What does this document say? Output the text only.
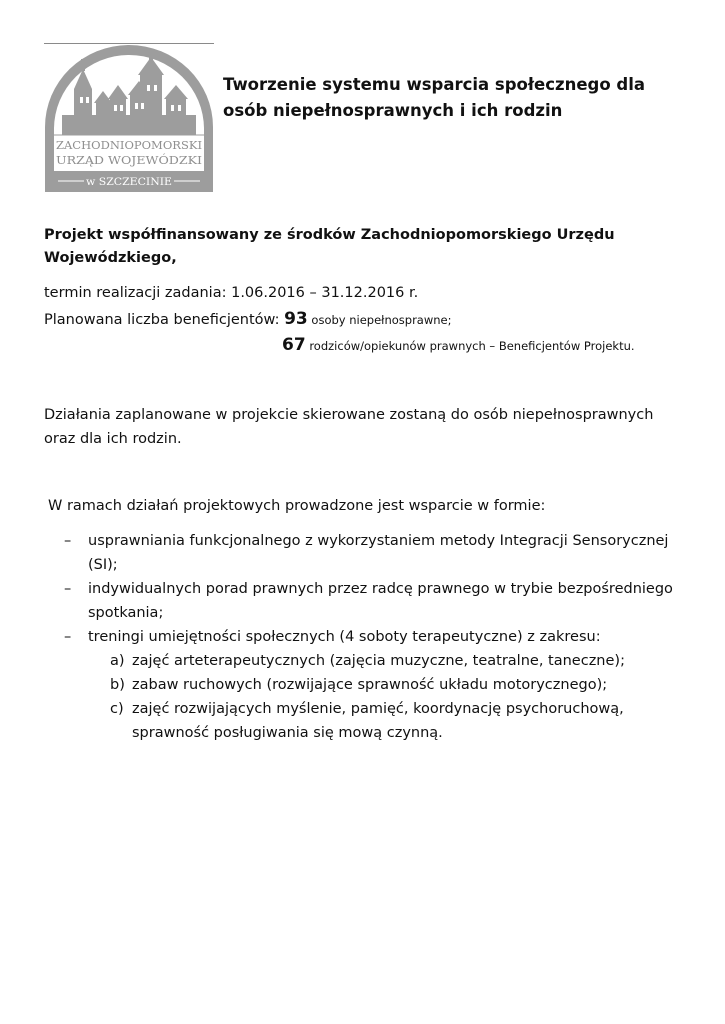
ZACHODNIOPOMORSKI
URZĄD WOJEWÓDZKI
w SZCZECINIE
Tworzenie systemu wsparcia społecznego dla osób niepełnosprawnych i ich rodzin
Projekt współfinansowany ze środków Zachodniopomorskiego Urzędu Wojewódzkiego,
termin realizacji zadania: 1.06.2016 – 31.12.2016 r.
Planowana liczba beneficjentów: 93 osoby niepełnosprawne;
67 rodziców/opiekunów prawnych – Beneficjentów Projektu.
Działania zaplanowane w projekcie skierowane zostaną do osób niepełnosprawnych oraz dla ich rodzin.
W ramach działań projektowych prowadzone jest wsparcie w formie:
– usprawniania funkcjonalnego z wykorzystaniem metody Integracji Sensorycznej (SI);
– indywidualnych porad prawnych przez radcę prawnego w trybie bezpośredniego spotkania;
– treningi umiejętności społecznych (4 soboty terapeutyczne) z zakresu:
a) zajęć arteterapeutycznych (zajęcia muzyczne, teatralne, taneczne);
b) zabaw ruchowych (rozwijające sprawność układu motorycznego);
c) zajęć rozwijających myślenie, pamięć, koordynację psychoruchową, sprawność posługiwania się mową czynną.
